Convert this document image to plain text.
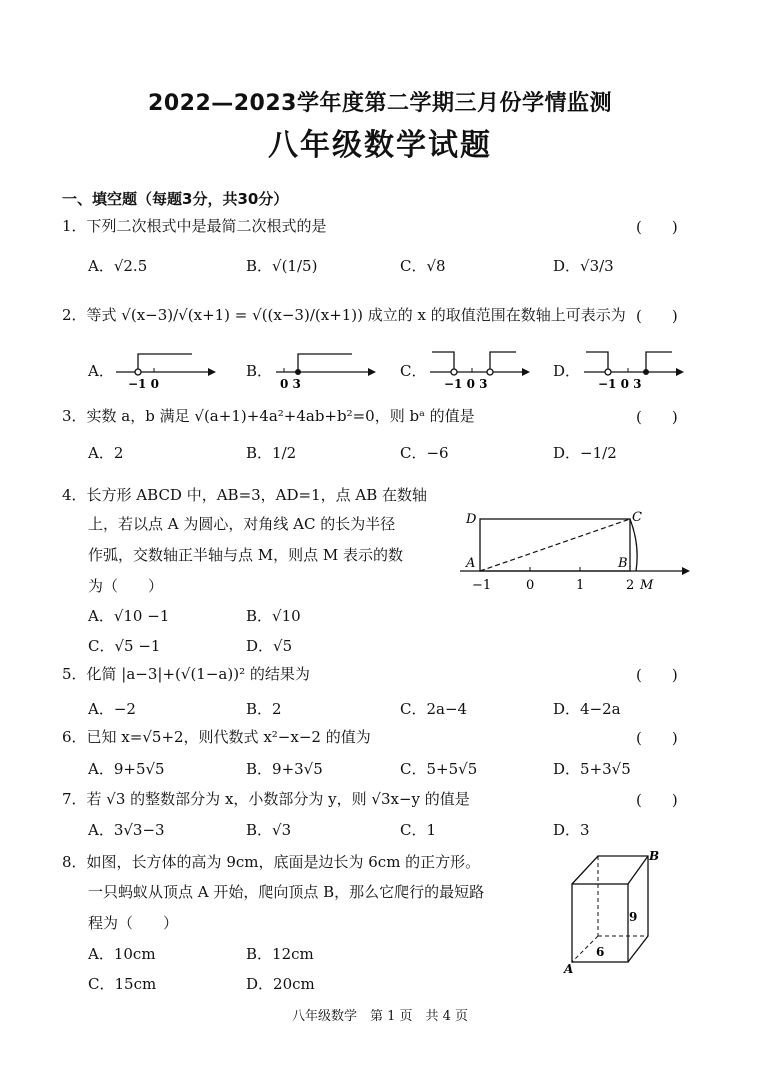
2022—2023学年度第二学期三月份学情监测
八年级数学试题
一、填空题（每题3分，共30分）
1．下列二次根式中是最简二次根式的是	(　　)
A．√2.5	B．√(1/5)	C．√8	D．√3/3
2．等式 √(x−3)/√(x+1) = √((x−3)/(x+1)) 成立的 x 的取值范围在数轴上可表示为 (　　)
A．	B．	C．	D．
−1 0	0 3	−1 0 3	−1 0 3
3．实数 a，b 满足 √(a+1)+4a²+4ab+b²=0，则 bᵃ 的值是	(　　)
A．2	B．1/2	C．−6	D．−1/2
4．长方形 ABCD 中，AB=3，AD=1，点 AB 在数轴
上，若以点 A 为圆心，对角线 AC 的长为半径
作弧，交数轴正半轴与点 M，则点 M 表示的数
为（　　）
A．√10 −1	B．√10
C．√5 −1	D．√5
D	C
A	B
M
−1	0	1	2
5．化简 |a−3|+(√(1−a))² 的结果为	(　　)
A．−2	B．2	C．2a−4	D．4−2a
6．已知 x=√5+2，则代数式 x²−x−2 的值为	(　　)
A．9+5√5	B．9+3√5	C．5+5√5	D．5+3√5
7．若 √3 的整数部分为 x，小数部分为 y，则 √3x−y 的值是	(　　)
A．3√3−3	B．√3	C．1	D．3
8．如图，长方体的高为 9cm，底面是边长为 6cm 的正方形。
一只蚂蚁从顶点 A 开始，爬向顶点 B，那么它爬行的最短路
程为（　　）
A．10cm	B．12cm
C．15cm	D．20cm
B
A
9
6
八年级数学　第 1 页　共 4 页
